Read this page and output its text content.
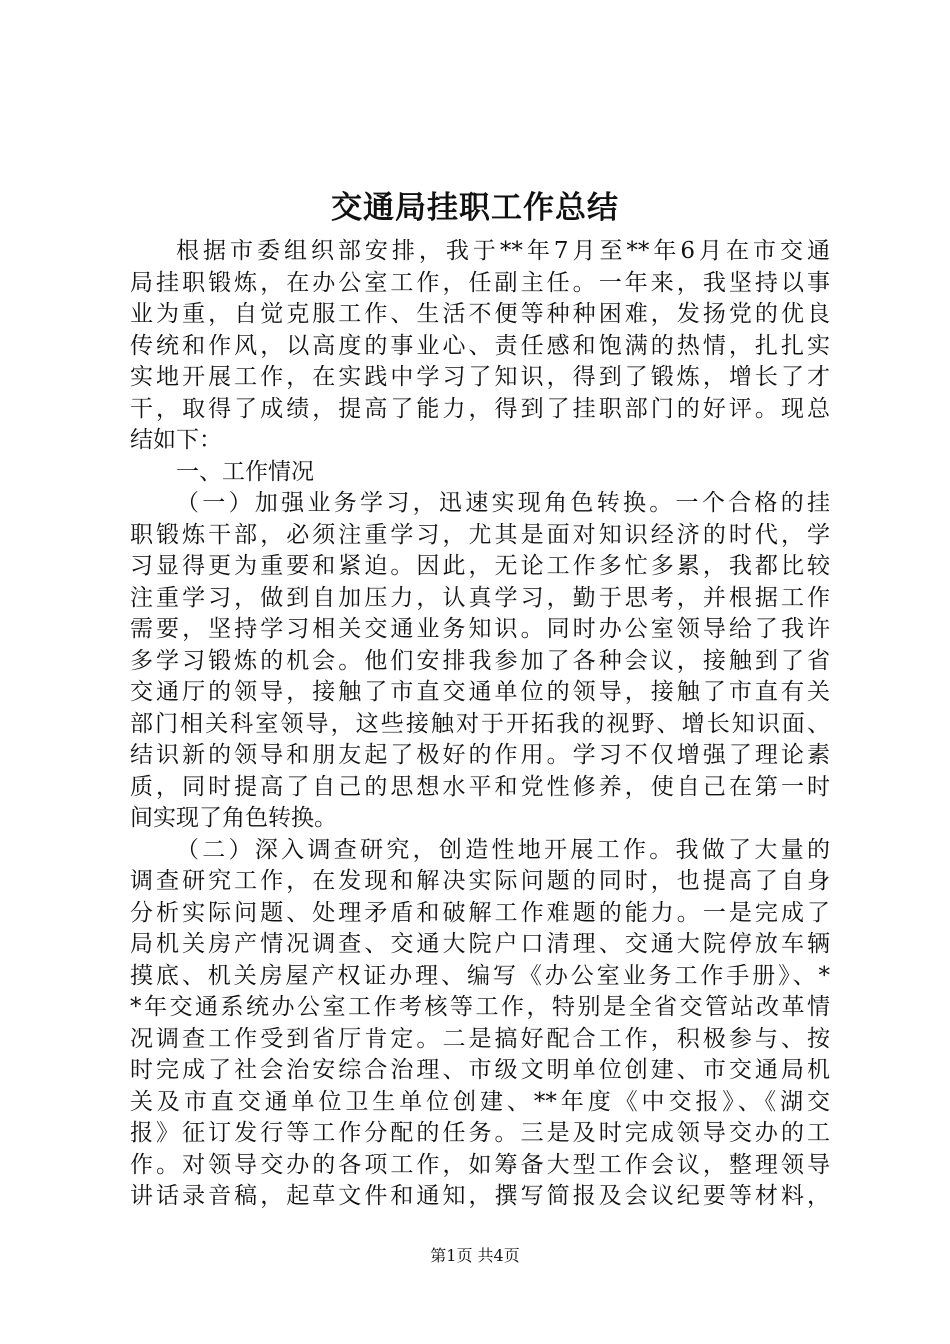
交通局挂职工作总结
根据市委组织部安排，我于**年7月至**年6月在市交通
局挂职锻炼，在办公室工作，任副主任。一年来，我坚持以事
业为重，自觉克服工作、生活不便等种种困难，发扬党的优良
传统和作风，以高度的事业心、责任感和饱满的热情，扎扎实
实地开展工作，在实践中学习了知识，得到了锻炼，增长了才
干，取得了成绩，提高了能力，得到了挂职部门的好评。现总
结如下：
一、工作情况
（一）加强业务学习，迅速实现角色转换。一个合格的挂
职锻炼干部，必须注重学习，尤其是面对知识经济的时代，学
习显得更为重要和紧迫。因此，无论工作多忙多累，我都比较
注重学习，做到自加压力，认真学习，勤于思考，并根据工作
需要，坚持学习相关交通业务知识。同时办公室领导给了我许
多学习锻炼的机会。他们安排我参加了各种会议，接触到了省
交通厅的领导，接触了市直交通单位的领导，接触了市直有关
部门相关科室领导，这些接触对于开拓我的视野、增长知识面、
结识新的领导和朋友起了极好的作用。学习不仅增强了理论素
质，同时提高了自己的思想水平和党性修养，使自己在第一时
间实现了角色转换。
（二）深入调查研究，创造性地开展工作。我做了大量的
调查研究工作，在发现和解决实际问题的同时，也提高了自身
分析实际问题、处理矛盾和破解工作难题的能力。一是完成了
局机关房产情况调查、交通大院户口清理、交通大院停放车辆
摸底、机关房屋产权证办理、编写《办公室业务工作手册》、*
*年交通系统办公室工作考核等工作，特别是全省交管站改革情
况调查工作受到省厅肯定。二是搞好配合工作，积极参与、按
时完成了社会治安综合治理、市级文明单位创建、市交通局机
关及市直交通单位卫生单位创建、**年度《中交报》、《湖交
报》征订发行等工作分配的任务。三是及时完成领导交办的工
作。对领导交办的各项工作，如筹备大型工作会议，整理领导
讲话录音稿，起草文件和通知，撰写简报及会议纪要等材料，
第1页 共4页
